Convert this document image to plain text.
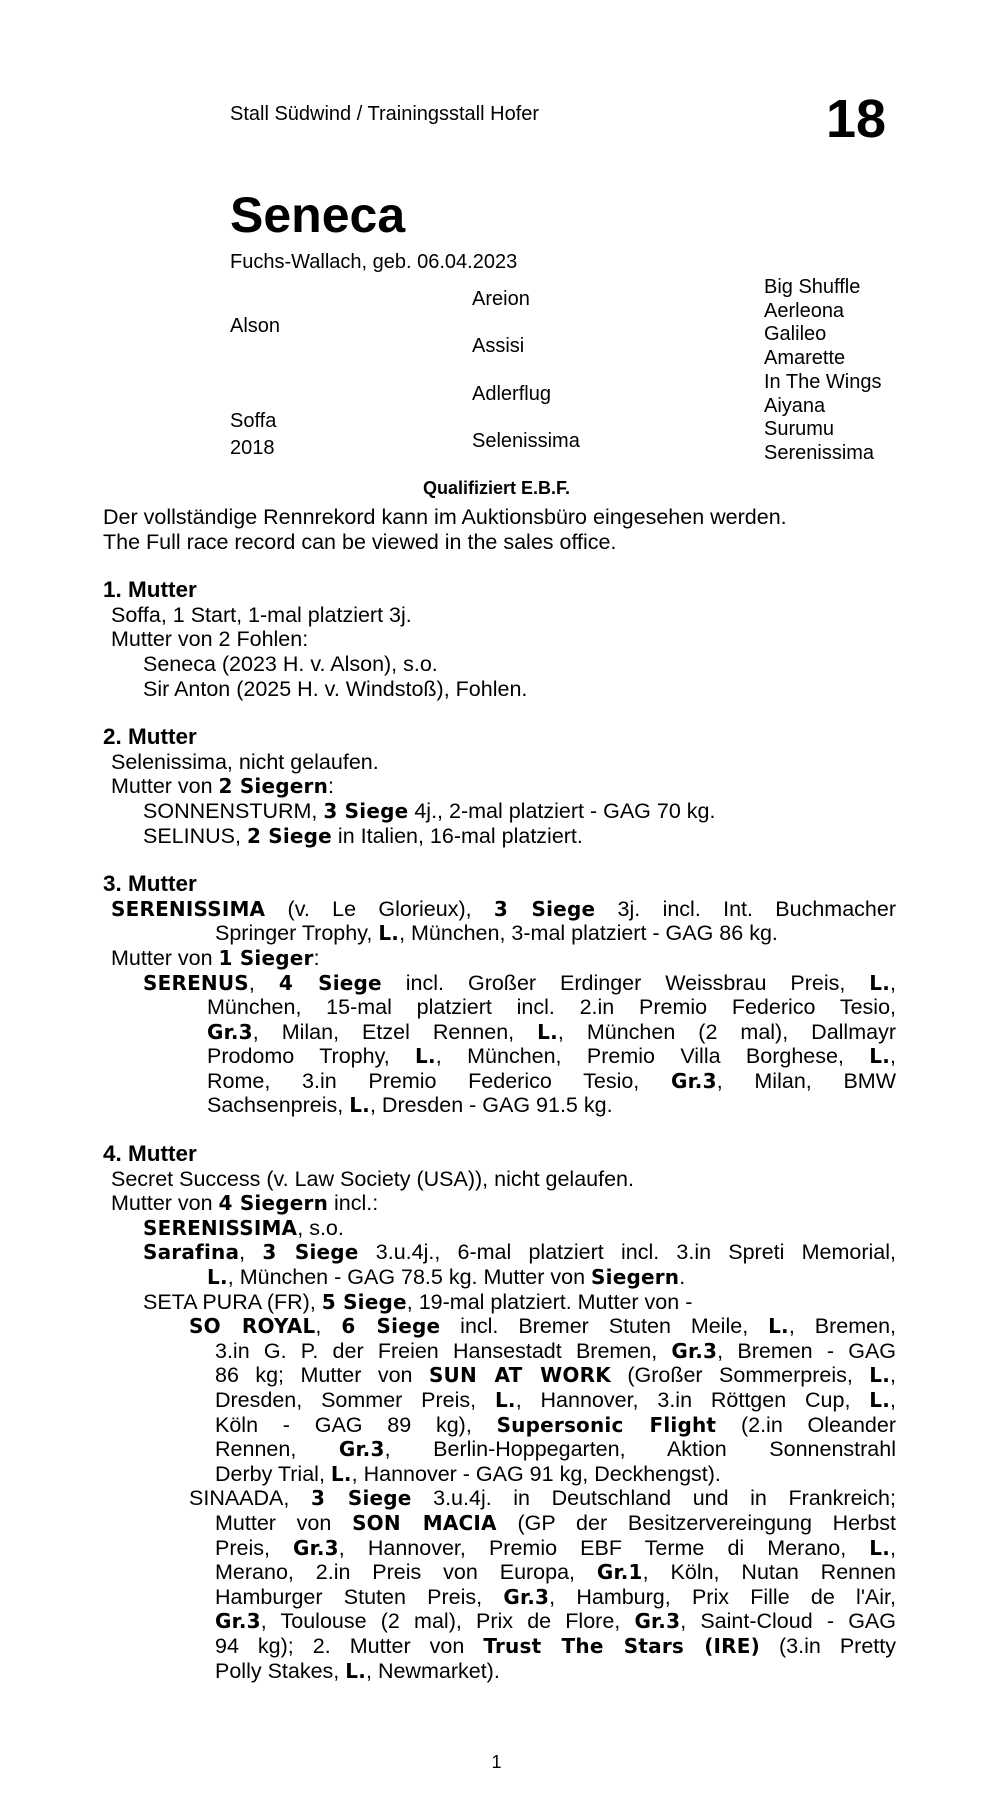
Stall Südwind / Trainingsstall Hofer	18
Seneca
Fuchs-Wallach, geb. 06.04.2023
Alson
Soffa
2018
Areion
Assisi
Adlerflug
Selenissima
Big Shuffle
Aerleona
Galileo
Amarette
In The Wings
Aiyana
Surumu
Serenissima
Qualifiziert E.B.F.
Der vollständige Rennrekord kann im Auktionsbüro eingesehen werden.
The Full race record can be viewed in the sales office.
1. Mutter
Soffa, 1 Start, 1-mal platziert 3j.
Mutter von 2 Fohlen:
Seneca (2023 H. v. Alson), s.o.
Sir Anton (2025 H. v. Windstoß), Fohlen.
2. Mutter
Selenissima, nicht gelaufen.
Mutter von 2 Siegern:
SONNENSTURM, 3 Siege 4j., 2-mal platziert - GAG 70 kg.
SELINUS, 2 Siege in Italien, 16-mal platziert.
3. Mutter
SERENISSIMA (v. Le Glorieux), 3 Siege 3j. incl. Int. Buchmacher
Springer Trophy, L., München, 3-mal platziert - GAG 86 kg.
Mutter von 1 Sieger:
SERENUS, 4 Siege incl. Großer Erdinger Weissbrau Preis, L.,
München, 15-mal platziert incl. 2.in Premio Federico Tesio,
Gr.3, Milan, Etzel Rennen, L., München (2 mal), Dallmayr
Prodomo Trophy, L., München, Premio Villa Borghese, L.,
Rome, 3.in Premio Federico Tesio, Gr.3, Milan, BMW
Sachsenpreis, L., Dresden - GAG 91.5 kg.
4. Mutter
Secret Success (v. Law Society (USA)), nicht gelaufen.
Mutter von 4 Siegern incl.:
SERENISSIMA, s.o.
Sarafina, 3 Siege 3.u.4j., 6-mal platziert incl. 3.in Spreti Memorial,
L., München - GAG 78.5 kg. Mutter von Siegern.
SETA PURA (FR), 5 Siege, 19-mal platziert. Mutter von -
SO ROYAL, 6 Siege incl. Bremer Stuten Meile, L., Bremen,
3.in G. P. der Freien Hansestadt Bremen, Gr.3, Bremen - GAG
86 kg; Mutter von SUN AT WORK (Großer Sommerpreis, L.,
Dresden, Sommer Preis, L., Hannover, 3.in Röttgen Cup, L.,
Köln - GAG 89 kg), Supersonic Flight (2.in Oleander
Rennen, Gr.3, Berlin-Hoppegarten, Aktion Sonnenstrahl
Derby Trial, L., Hannover - GAG 91 kg, Deckhengst).
SINAADA, 3 Siege 3.u.4j. in Deutschland und in Frankreich;
Mutter von SON MACIA (GP der Besitzervereingung Herbst
Preis, Gr.3, Hannover, Premio EBF Terme di Merano, L.,
Merano, 2.in Preis von Europa, Gr.1, Köln, Nutan Rennen
Hamburger Stuten Preis, Gr.3, Hamburg, Prix Fille de l'Air,
Gr.3, Toulouse (2 mal), Prix de Flore, Gr.3, Saint-Cloud - GAG
94 kg); 2. Mutter von Trust The Stars (IRE) (3.in Pretty
Polly Stakes, L., Newmarket).
1
